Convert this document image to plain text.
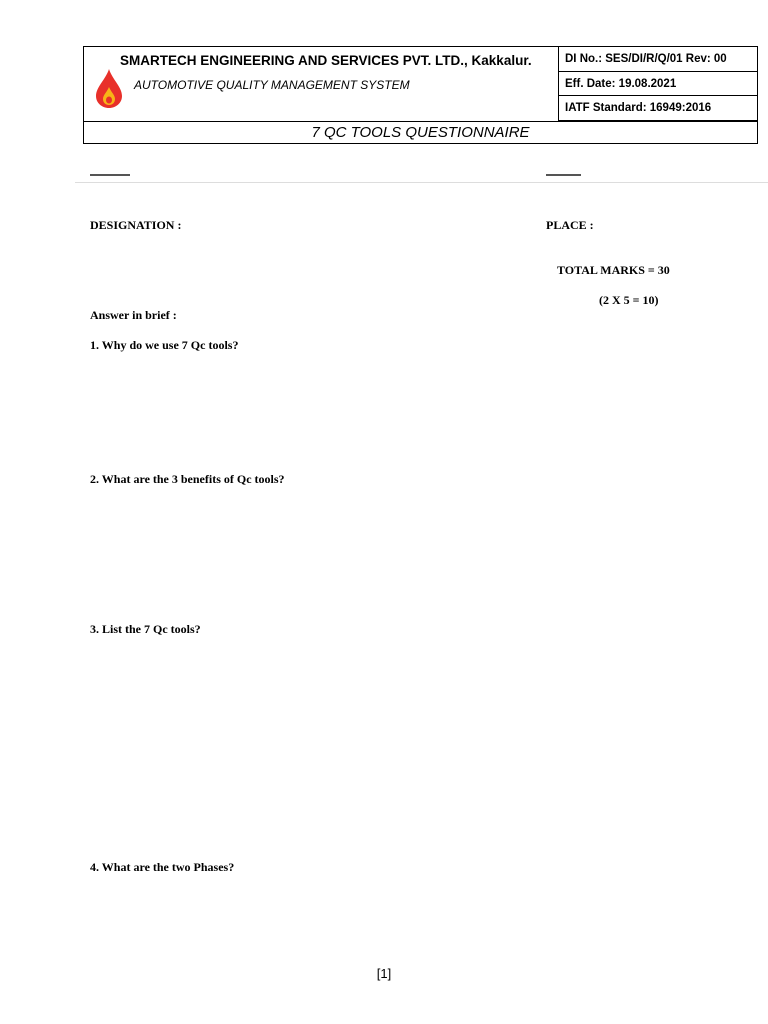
SMARTECH ENGINEERING AND SERVICES PVT. LTD., Kakkalur.
AUTOMOTIVE QUALITY MANAGEMENT SYSTEM
DI No.: SES/DI/R/Q/01 Rev: 00
Eff. Date: 19.08.2021
IATF Standard: 16949:2016
7 QC TOOLS QUESTIONNAIRE
DESIGNATION :	PLACE :
TOTAL MARKS = 30
(2 X 5 = 10)
Answer in brief :
1. Why do we use 7 Qc tools?
2. What are the 3 benefits of Qc tools?
3. List the 7 Qc tools?
4. What are the two Phases?
[1]
